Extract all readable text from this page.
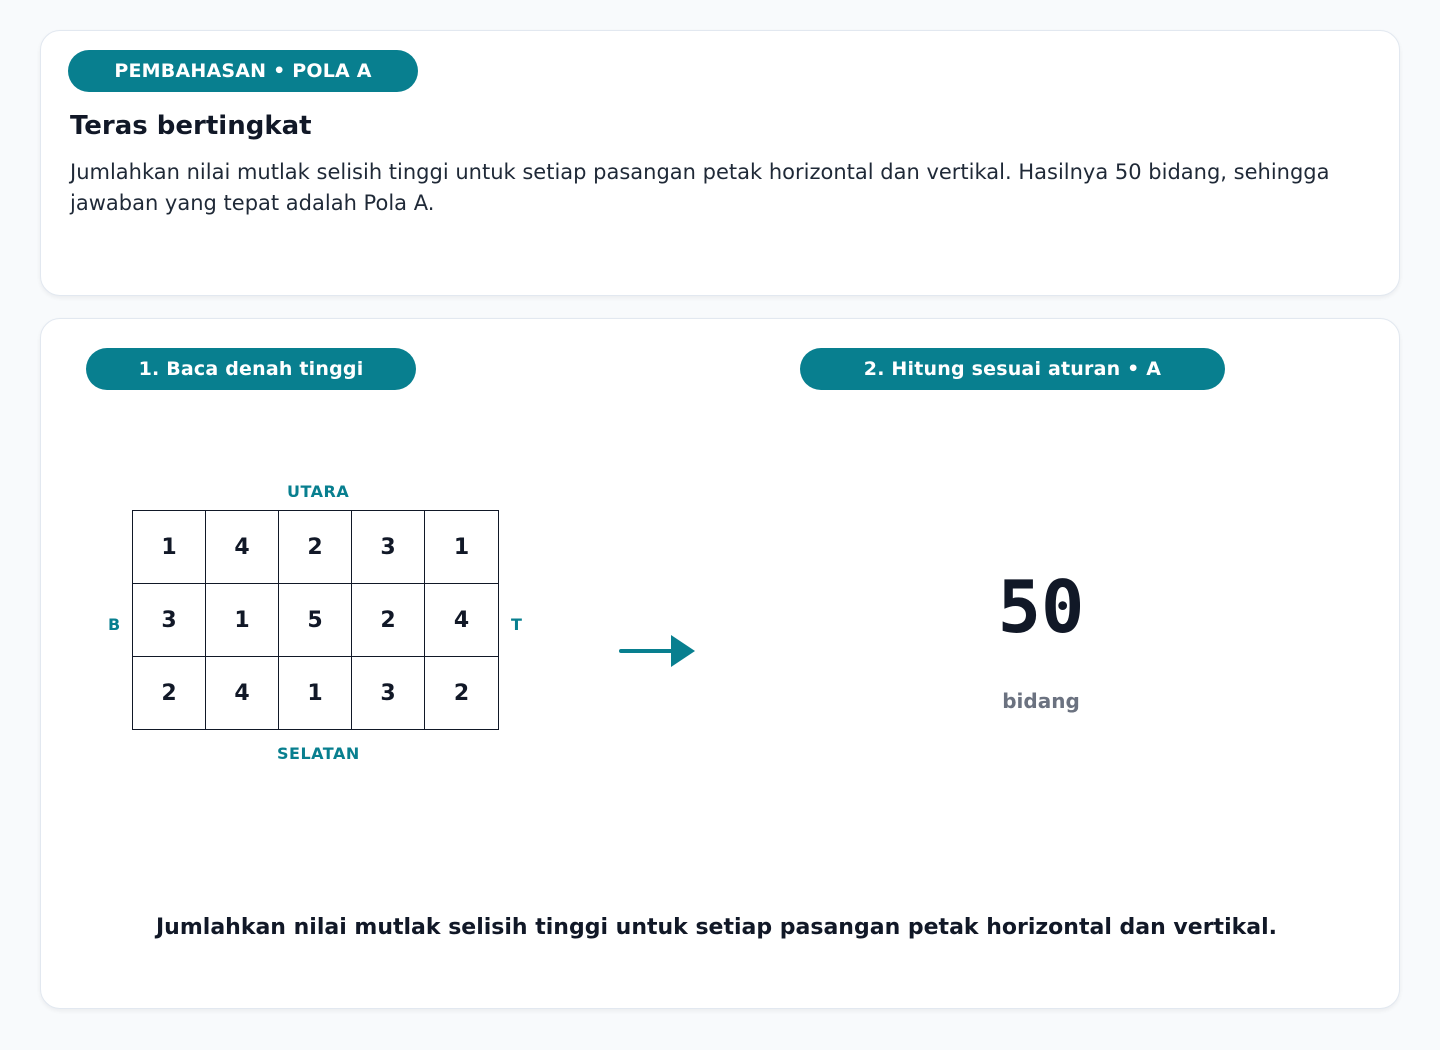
PEMBAHASAN • POLA A
Teras bertingkat
Jumlahkan nilai mutlak selisih tinggi untuk setiap pasangan petak horizontal dan vertikal. Hasilnya 50 bidang, sehingga jawaban yang tepat adalah Pola A.
1. Baca denah tinggi	2. Hitung sesuai aturan • A
UTARA
SELATAN
B	T
1	4	2	3	1
3	1	5	2	4
2	4	1	3	2
50
bidang
Jumlahkan nilai mutlak selisih tinggi untuk setiap pasangan petak horizontal dan vertikal.
